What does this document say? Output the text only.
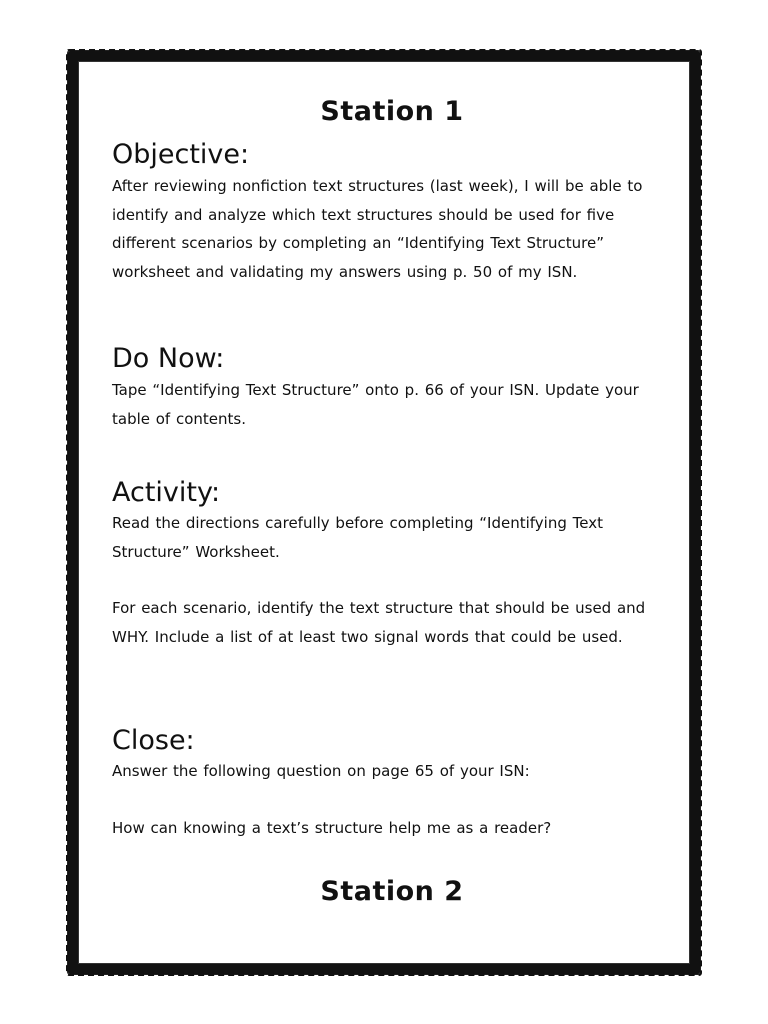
Station 1
Objective:

After reviewing nonfiction text structures (last week), I will be able to identify and analyze which text structures should be used for five different scenarios by completing an “Identifying Text Structure” worksheet and validating my answers using p. 50 of my ISN.

Do Now:

Tape “Identifying Text Structure” onto p. 66 of your ISN. Update your table of contents.

Activity:

Read the directions carefully before completing “Identifying Text Structure” Worksheet.

For each scenario, identify the text structure that should be used and WHY. Include a list of at least two signal words that could be used.

Close:

Answer the following question on page 65 of your ISN:

How can knowing a text’s structure help me as a reader?

Station 2
